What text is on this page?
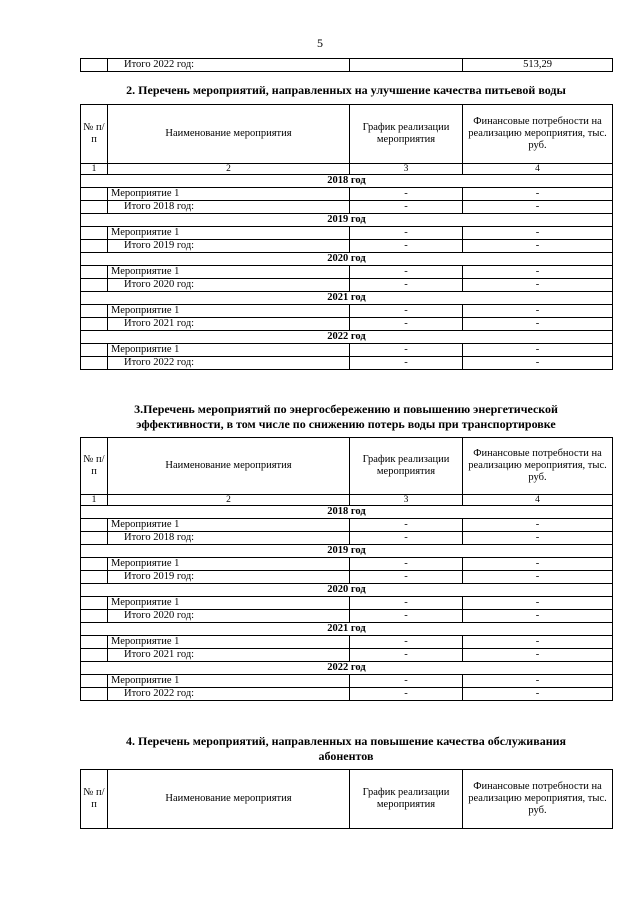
5
	Итого 2022 год:		513,29
2. Перечень мероприятий, направленных на улучшение качества питьевой воды
№ п/п	Наименование мероприятия	График реализации мероприятия	Финансовые потребности на реализацию мероприятия, тыс. руб.
1	2	3	4
2018 год			
	Мероприятие 1	-	-
	Итого 2018 год:	-	-
2019 год			
	Мероприятие 1	-	-
	Итого 2019 год:	-	-
2020 год			
	Мероприятие 1	-	-
	Итого 2020 год:	-	-
2021 год			
	Мероприятие 1	-	-
	Итого 2021 год:	-	-
2022 год			
	Мероприятие 1	-	-
	Итого 2022 год:	-	-
3.Перечень мероприятий по энергосбережению и повышению энергетической
эффективности, в том числе по снижению потерь воды при транспортировке
№ п/п	Наименование мероприятия	График реализации мероприятия	Финансовые потребности на реализацию мероприятия, тыс. руб.
1	2	3	4
2018 год			
	Мероприятие 1	-	-
	Итого 2018 год:	-	-
2019 год			
	Мероприятие 1	-	-
	Итого 2019 год:	-	-
2020 год			
	Мероприятие 1	-	-
	Итого 2020 год:	-	-
2021 год			
	Мероприятие 1	-	-
	Итого 2021 год:	-	-
2022 год			
	Мероприятие 1	-	-
	Итого 2022 год:	-	-
4. Перечень мероприятий, направленных на повышение качества обслуживания
абонентов
№ п/п	Наименование мероприятия	График реализации мероприятия	Финансовые потребности на реализацию мероприятия, тыс. руб.
